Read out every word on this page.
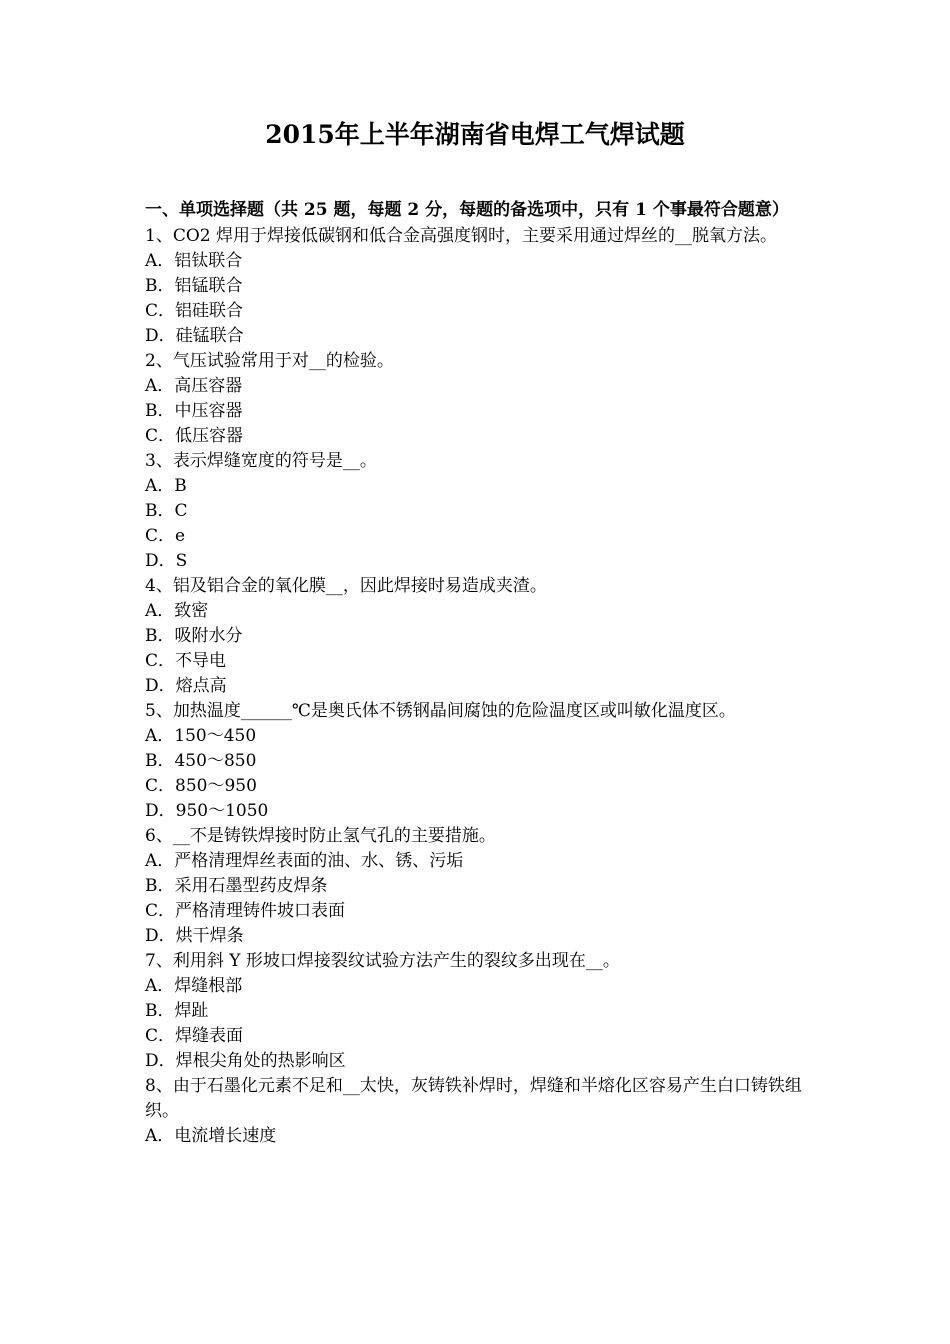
2015年上半年湖南省电焊工气焊试题

一、单项选择题（共 25 题，每题 2 分，每题的备选项中，只有 1 个事最符合题意）

1、CO2 焊用于焊接低碳钢和低合金高强度钢时，主要采用通过焊丝的__脱氧方法。

A．铝钛联合

B．铝锰联合

C．铝硅联合

D．硅锰联合

2、气压试验常用于对__的检验。

A．高压容器

B．中压容器

C．低压容器

3、表示焊缝宽度的符号是__。

A．B

B．C

C．e

D．S

4、铝及铝合金的氧化膜__，因此焊接时易造成夹渣。

A．致密

B．吸附水分

C．不导电

D．熔点高

5、加热温度______℃是奥氏体不锈钢晶间腐蚀的危险温度区或叫敏化温度区。

A．150～450

B．450～850

C．850～950

D．950～1050

6、__不是铸铁焊接时防止氢气孔的主要措施。

A．严格清理焊丝表面的油、水、锈、污垢

B．采用石墨型药皮焊条

C．严格清理铸件坡口表面

D．烘干焊条

7、利用斜 Y 形坡口焊接裂纹试验方法产生的裂纹多出现在__。

A．焊缝根部

B．焊趾

C．焊缝表面

D．焊根尖角处的热影响区

8、由于石墨化元素不足和__太快，灰铸铁补焊时，焊缝和半熔化区容易产生白口铸铁组织。

A．电流增长速度
